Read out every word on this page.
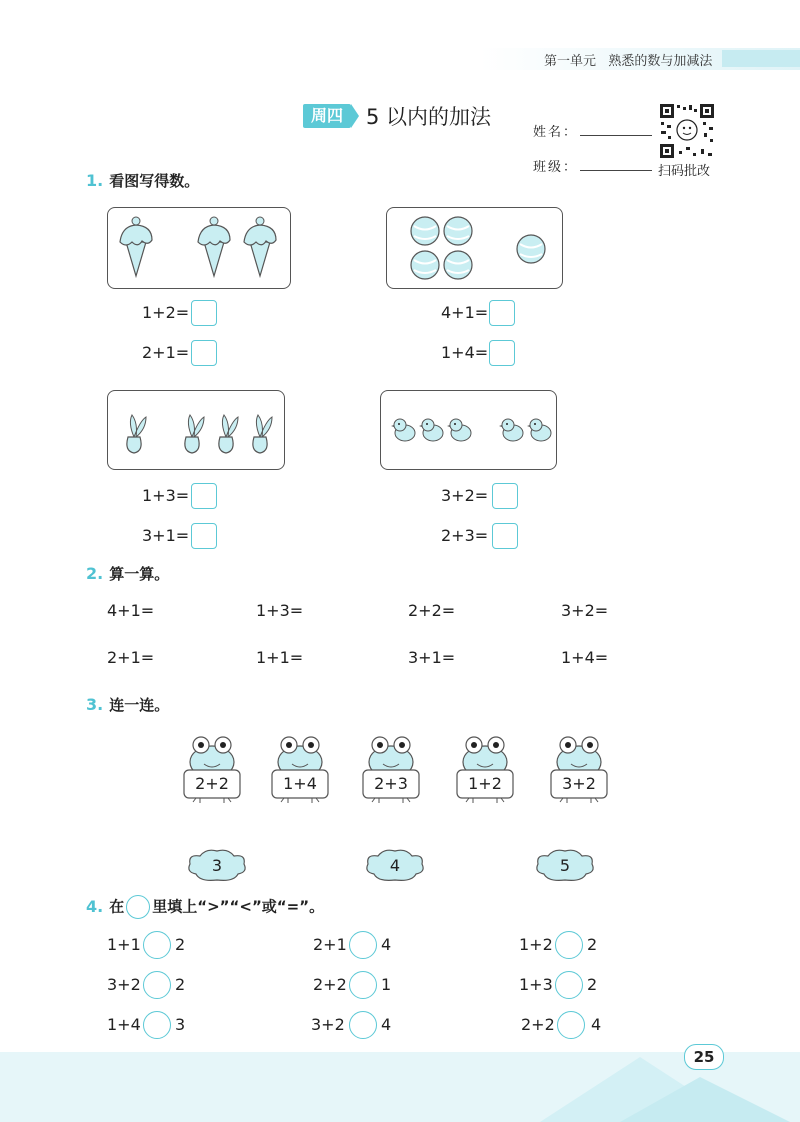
第一单元 熟悉的数与加减法
周四	5 以内的加法
姓名：
班级：	扫码批改
1. 看图写得数。
1+2=
2+1=
4+1=
1+4=
1+3=
3+1=
3+2=
2+3=
2. 算一算。
4+1=	1+3=	2+2=	3+2=
2+1=	1+1=	3+1=	1+4=
3. 连一连。
2+2	1+4	2+3	1+2	3+2
3	4	5
4. 在 里填上“>”“<”或“=”。
1+1 2	2+1 4	1+2 2
3+2 2	2+2 1	1+3 2
1+4 3	3+2 4	2+2 4
25
